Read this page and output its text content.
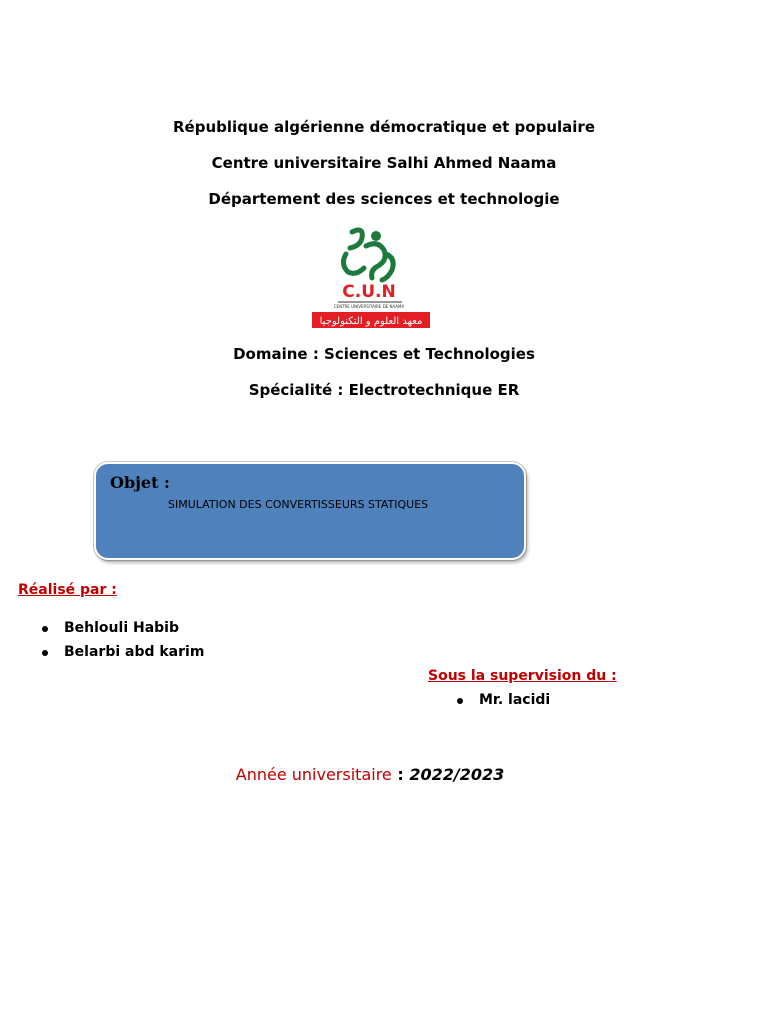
République algérienne démocratique et populaire
Centre universitaire Salhi Ahmed Naama
Département des sciences et technologie
C.U.N
CENTRE UNIVERSITAIRE DE NAAMA
معهد العلوم و التكنولوجيا
Domaine : Sciences et Technologies
Spécialité : Electrotechnique ER
Objet :
SIMULATION DES CONVERTISSEURS STATIQUES
Réalisé par :
Behlouli Habib
Belarbi abd karim
Sous la supervision du :
Mr. lacidi
Année universitaire : 2022/2023
